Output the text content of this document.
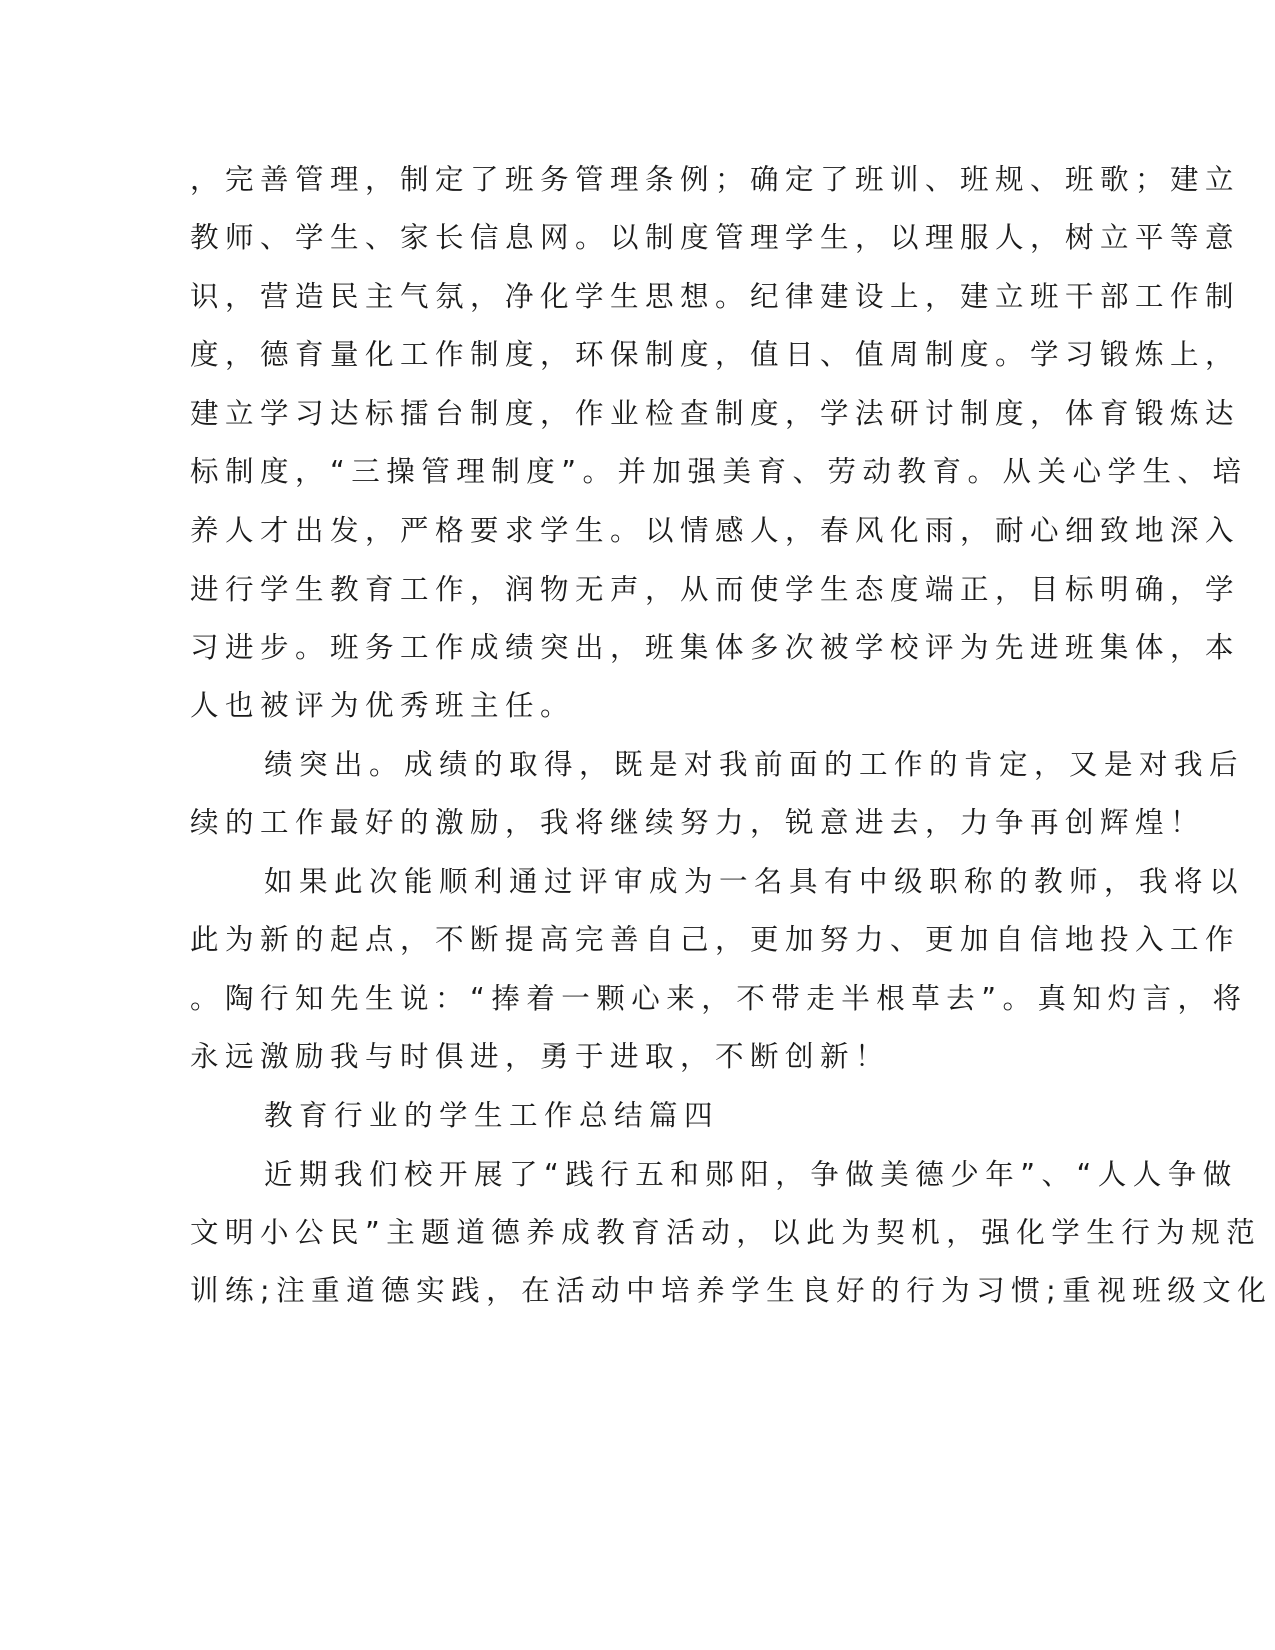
，完善管理，制定了班务管理条例；确定了班训、班规、班歌；建立

教师、学生、家长信息网。以制度管理学生，以理服人，树立平等意

识，营造民主气氛，净化学生思想。纪律建设上，建立班干部工作制

度，德育量化工作制度，环保制度，值日、值周制度。学习锻炼上，

建立学习达标擂台制度，作业检查制度，学法研讨制度，体育锻炼达

标制度，“三操管理制度”。并加强美育、劳动教育。从关心学生、培

养人才出发，严格要求学生。以情感人，春风化雨，耐心细致地深入

进行学生教育工作，润物无声，从而使学生态度端正，目标明确，学

习进步。班务工作成绩突出，班集体多次被学校评为先进班集体，本

人也被评为优秀班主任。

绩突出。成绩的取得，既是对我前面的工作的肯定，又是对我后

续的工作最好的激励，我将继续努力，锐意进去，力争再创辉煌！

如果此次能顺利通过评审成为一名具有中级职称的教师，我将以

此为新的起点，不断提高完善自己，更加努力、更加自信地投入工作

。陶行知先生说：“捧着一颗心来，不带走半根草去”。真知灼言，将

永远激励我与时俱进，勇于进取，不断创新！

教育行业的学生工作总结篇四

近期我们校开展了“践行五和郧阳，争做美德少年”、“人人争做

文明小公民”主题道德养成教育活动，以此为契机，强化学生行为规范

训练;注重道德实践，在活动中培养学生良好的行为习惯;重视班级文化
